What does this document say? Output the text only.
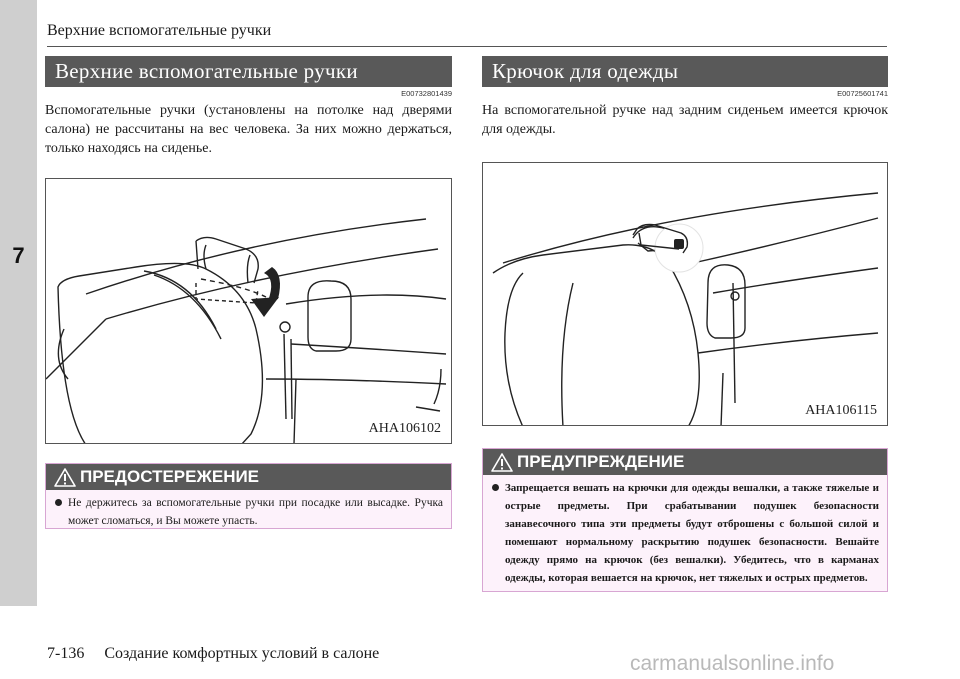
7
Верхние вспомогательные ручки
Верхние вспомогательные ручки
E00732801439
Вспомогательные ручки (установлены на потолке над дверями салона) не рассчитаны на вес человека. За них можно держаться, только находясь на сиденье.
AHA106102
ПРЕДОСТЕРЕЖЕНИЕ
Не держитесь за вспомогательные ручки при посадке или высадке. Ручка может сломаться, и Вы можете упасть.
Крючок для одежды
E00725601741
На вспомогательной ручке над задним сиденьем имеется крючок для одежды.
AHA106115
ПРЕДУПРЕЖДЕНИЕ
Запрещается вешать на крючки для одежды вешалки, а также тяжелые и острые предметы. При срабатывании подушек безопасности занавесочного типа эти предметы будут отброшены с большой силой и помешают нормальному раскрытию подушек безопасности. Вешайте одежду прямо на крючок (без вешалки). Убедитесь, что в карманах одежды, которая вешается на крючок, нет тяжелых и острых предметов.
7-136 Создание комфортных условий в салоне	carmanualsonline.info
